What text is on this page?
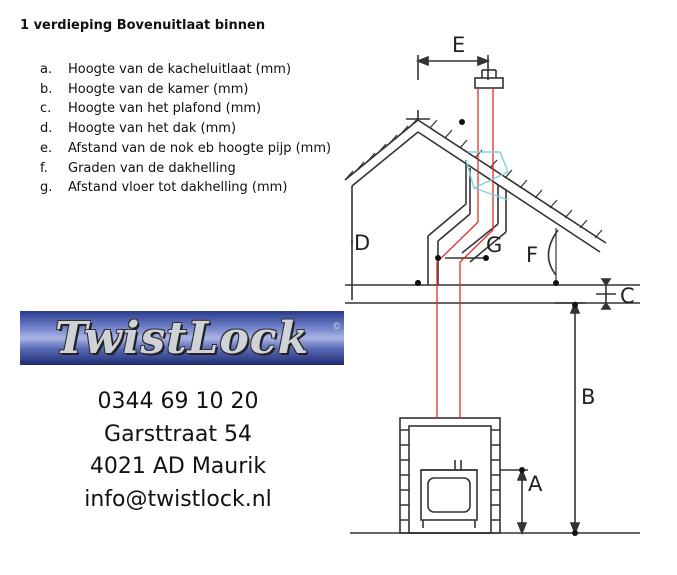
1 verdieping Bovenuitlaat binnen
a.	Hoogte van de kacheluitlaat (mm)
b.	Hoogte van de kamer (mm)
c.	Hoogte van het plafond (mm)
d.	Hoogte van het dak (mm)
e.	Afstand van de nok eb hoogte pijp (mm)
f.	Graden van de dakhelling
g.	Afstand vloer tot dakhelling (mm)
TwistLock	©
0344 69 10 20
Garsttraat 54
4021 AD Maurik
info@twistlock.nl
E
D	G F
C
B
A
